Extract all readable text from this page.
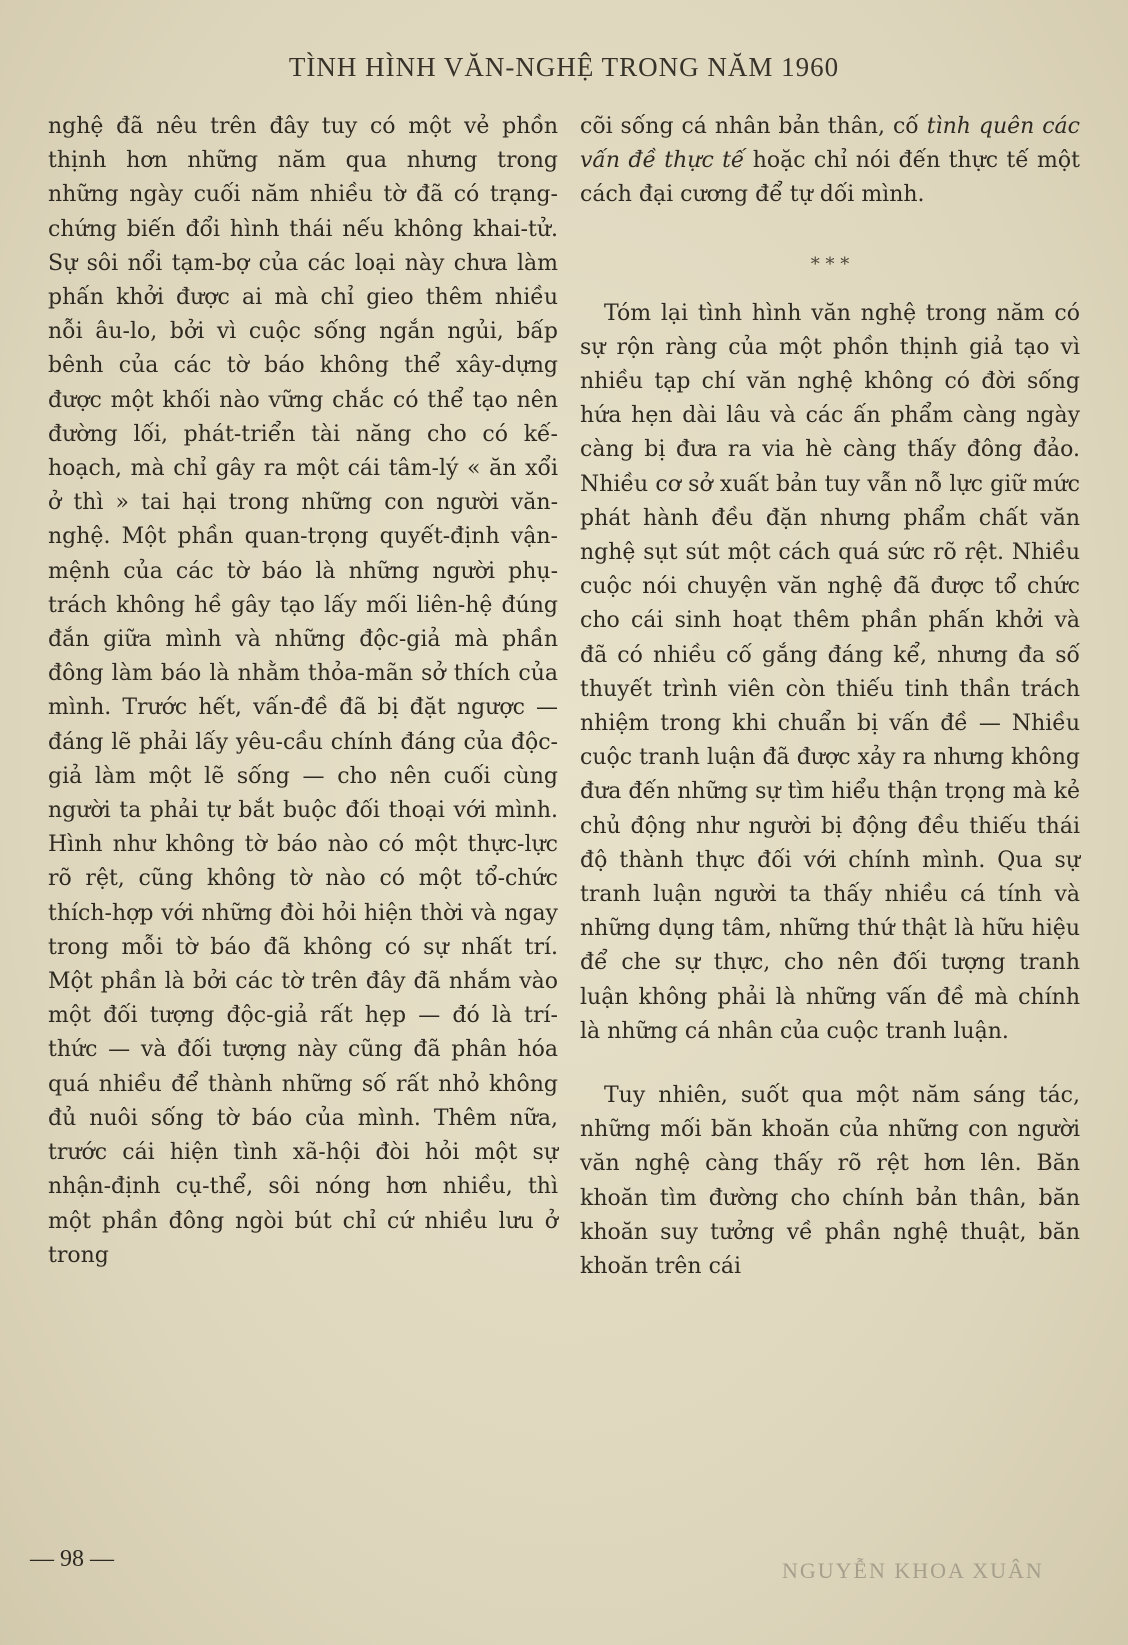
TÌNH HÌNH VĂN-NGHỆ TRONG NĂM 1960

nghệ đã nêu trên đây tuy có một vẻ phồn thịnh hơn những năm qua nhưng trong những ngày cuối năm nhiều tờ đã có trạng-chứng biến đổi hình thái nếu không khai-tử. Sự sôi nổi tạm-bợ của các loại này chưa làm phấn khởi được ai mà chỉ gieo thêm nhiều nỗi âu-lo, bởi vì cuộc sống ngắn ngủi, bấp bênh của các tờ báo không thể xây-dựng được một khối nào vững chắc có thể tạo nên đường lối, phát-triển tài năng cho có kế-hoạch, mà chỉ gây ra một cái tâm-lý « ăn xổi ở thì » tai hại trong những con người văn-nghệ. Một phần quan-trọng quyết-định vận-mệnh của các tờ báo là những người phụ-trách không hề gây tạo lấy mối liên-hệ đúng đắn giữa mình và những độc-giả mà phần đông làm báo là nhằm thỏa-mãn sở thích của mình. Trước hết, vấn-đề đã bị đặt ngược — đáng lẽ phải lấy yêu-cầu chính đáng của độc-giả làm một lẽ sống — cho nên cuối cùng người ta phải tự bắt buộc đối thoại với mình. Hình như không tờ báo nào có một thực-lực rõ rệt, cũng không tờ nào có một tổ-chức thích-hợp với những đòi hỏi hiện thời và ngay trong mỗi tờ báo đã không có sự nhất trí. Một phần là bởi các tờ trên đây đã nhắm vào một đối tượng độc-giả rất hẹp — đó là trí-thức — và đối tượng này cũng đã phân hóa quá nhiều để thành những số rất nhỏ không đủ nuôi sống tờ báo của mình. Thêm nữa, trước cái hiện tình xã-hội đòi hỏi một sự nhận-định cụ-thể, sôi nóng hơn nhiều, thì một phần đông ngòi bút chỉ cứ nhiều lưu ở trong

cõi sống cá nhân bản thân, cố tình quên các vấn đề thực tế hoặc chỉ nói đến thực tế một cách đại cương để tự dối mình.

* * *

Tóm lại tình hình văn nghệ trong năm có sự rộn ràng của một phồn thịnh giả tạo vì nhiều tạp chí văn nghệ không có đời sống hứa hẹn dài lâu và các ấn phẩm càng ngày càng bị đưa ra via hè càng thấy đông đảo. Nhiều cơ sở xuất bản tuy vẫn nỗ lực giữ mức phát hành đều đặn nhưng phẩm chất văn nghệ sụt sút một cách quá sức rõ rệt. Nhiều cuộc nói chuyện văn nghệ đã được tổ chức cho cái sinh hoạt thêm phần phấn khởi và đã có nhiều cố gắng đáng kể, nhưng đa số thuyết trình viên còn thiếu tinh thần trách nhiệm trong khi chuẩn bị vấn đề — Nhiều cuộc tranh luận đã được xảy ra nhưng không đưa đến những sự tìm hiểu thận trọng mà kẻ chủ động như người bị động đều thiếu thái độ thành thực đối với chính mình. Qua sự tranh luận người ta thấy nhiều cá tính và những dụng tâm, những thứ thật là hữu hiệu để che sự thực, cho nên đối tượng tranh luận không phải là những vấn đề mà chính là những cá nhân của cuộc tranh luận.

Tuy nhiên, suốt qua một năm sáng tác, những mối băn khoăn của những con người văn nghệ càng thấy rõ rệt hơn lên. Băn khoăn tìm đường cho chính bản thân, băn khoăn suy tưởng về phần nghệ thuật, băn khoăn trên cái

— 98 —	NGUYỄN KHOA XUÂN
